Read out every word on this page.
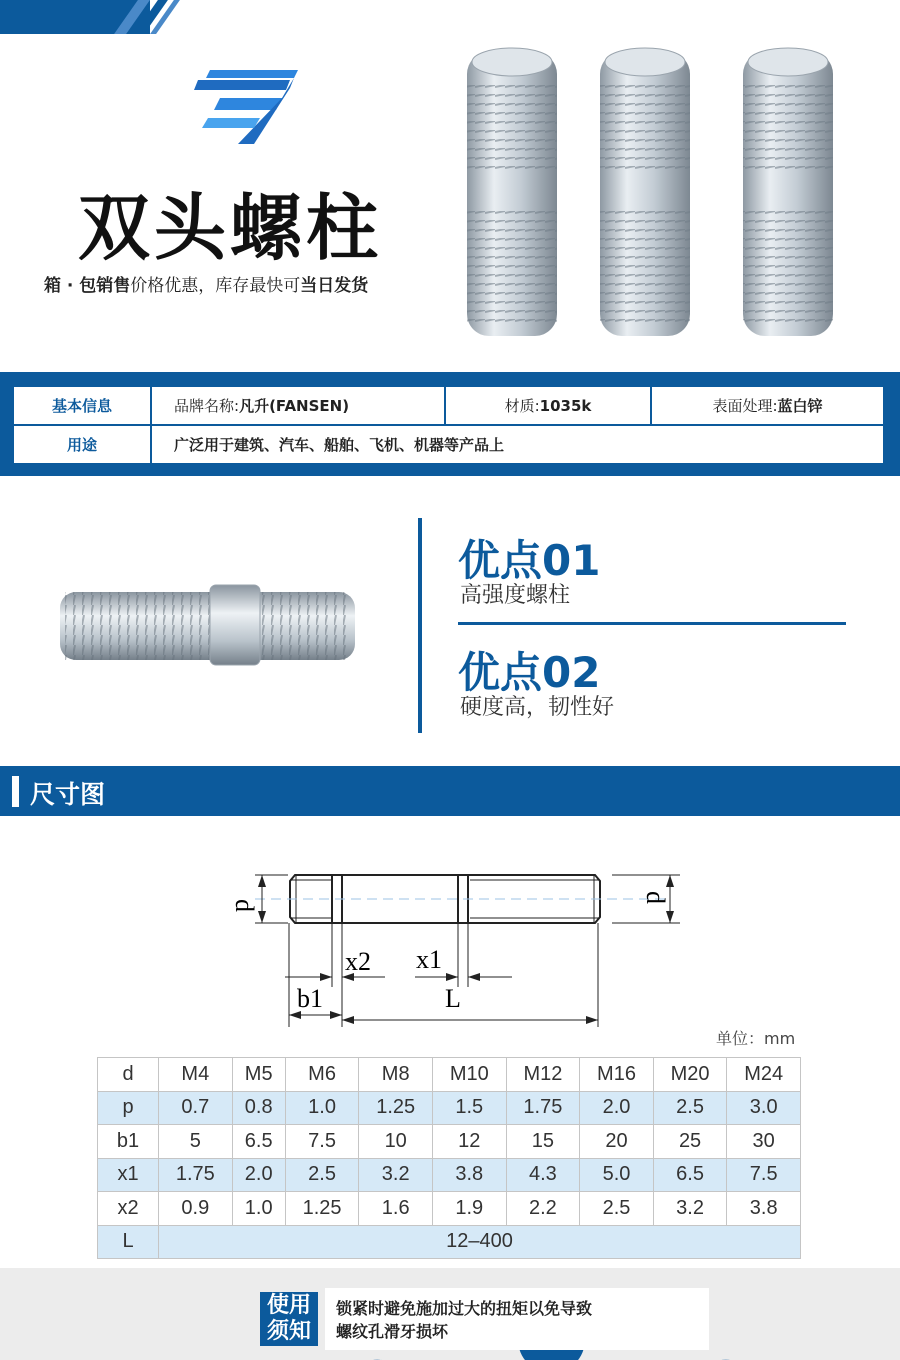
双头螺柱
箱 · 包销售价格优惠，库存最快可当日发货
基本信息	品牌名称:凡升(FANSEN)	材质:1035k	表面处理:蓝白锌
用途	广泛用于建筑、汽车、船舶、飞机、机器等产品上		
优点01
高强度螺柱
优点02
硬度高，韧性好
尺寸图
d
d
x2 x1
b1	L
单位：mm
d	M4	M5	M6	M8	M10	M12	M16	M20	M24
p	0.7	0.8	1.0	1.25	1.5	1.75	2.0	2.5	3.0
b1	5	6.5	7.5	10	12	15	20	25	30
x1	1.75	2.0	2.5	3.2	3.8	4.3	5.0	6.5	7.5
x2	0.9	1.0	1.25	1.6	1.9	2.2	2.5	3.2	3.8
L	12–400								
使用
须知
锁紧时避免施加过大的扭矩以免导致
螺纹孔滑牙损坏
